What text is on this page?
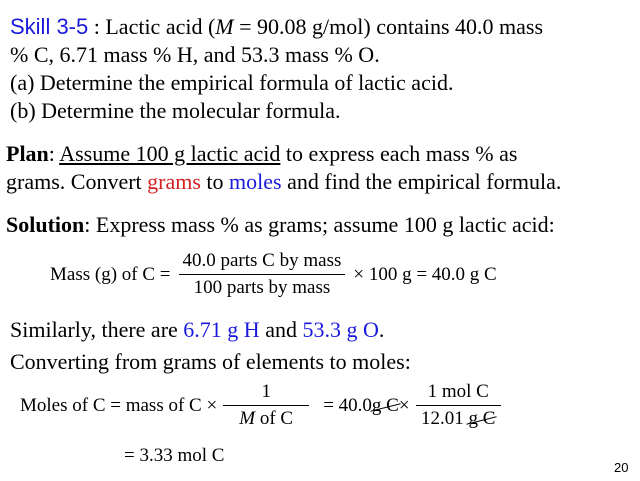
Skill 3-5 : Lactic acid (M = 90.08 g/mol) contains 40.0 mass
% C, 6.71 mass % H, and 53.3 mass % O.
(a) Determine the empirical formula of lactic acid.
(b) Determine the molecular formula.
Plan: Assume 100 g lactic acid to express each mass % as
grams. Convert grams to moles and find the empirical formula.
Solution: Express mass % as grams; assume 100 g lactic acid:
Mass (g) of $C = \frac{\text{40.0 parts C by mass}}{\text{100 parts by mass}} \times 100$ g = 40.0 g C
Similarly, there are 6.71 g H and 53.3 g O.
Converting from grams of elements to moles:
Moles of C = mass of $C \times \frac{1}{\text{M of C}} = 40.0$ g $C \times \frac{\text{1 mol C}}{\text{12.01 g C}}$
= 3.33 mol C
20
